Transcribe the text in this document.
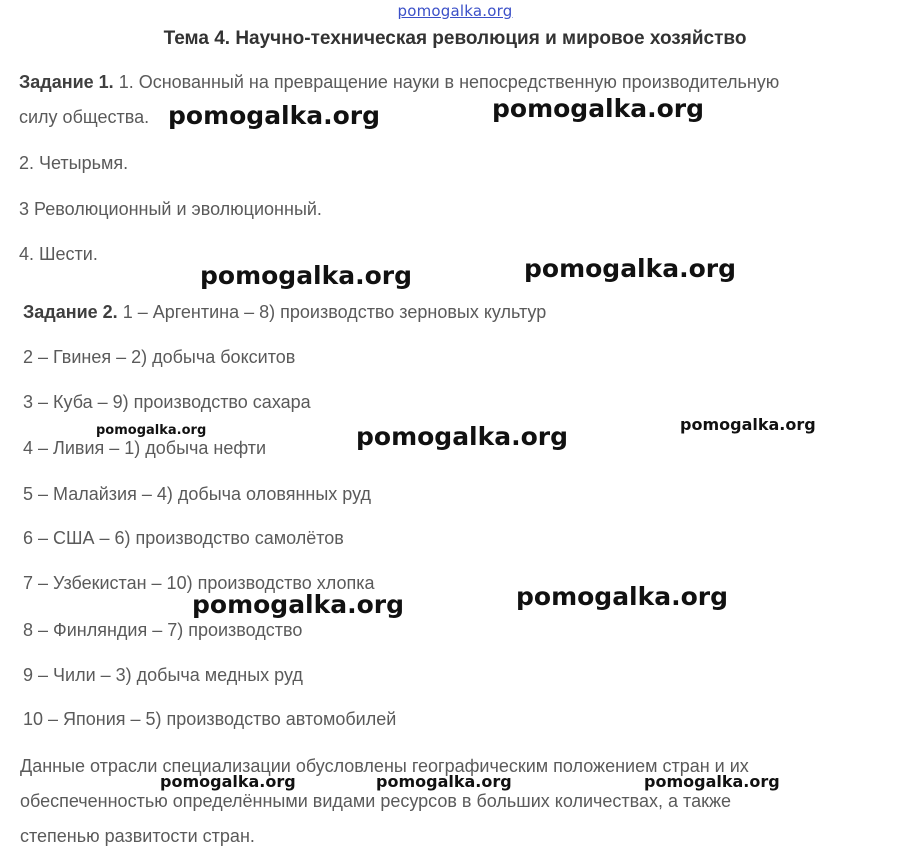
pomogalka.org
Тема 4. Научно-техническая революция и мировое хозяйство
Задание 1. 1. Основанный на превращение науки в непосредственную производительную
силу общества.
2. Четырьмя.
3 Революционный и эволюционный.
4. Шести.
Задание 2. 1 – Аргентина – 8) производство зерновых культур
2 – Гвинея – 2) добыча бокситов
3 – Куба – 9) производство сахара
4 – Ливия – 1) добыча нефти
5 – Малайзия – 4) добыча оловянных руд
6 – США – 6) производство самолётов
7 – Узбекистан – 10) производство хлопка
8 – Финляндия – 7) производство
9 – Чили – 3) добыча медных руд
10 – Япония – 5) производство автомобилей
Данные отрасли специализации обусловлены географическим положением стран и их
обеспеченностью определёнными видами ресурсов в больших количествах, а также
степенью развитости стран.
pomogalka.org	pomogalka.org
pomogalka.org	pomogalka.org
pomogalka.org	pomogalka.org	pomogalka.org
pomogalka.org	pomogalka.org
pomogalka.org	pomogalka.org	pomogalka.org
